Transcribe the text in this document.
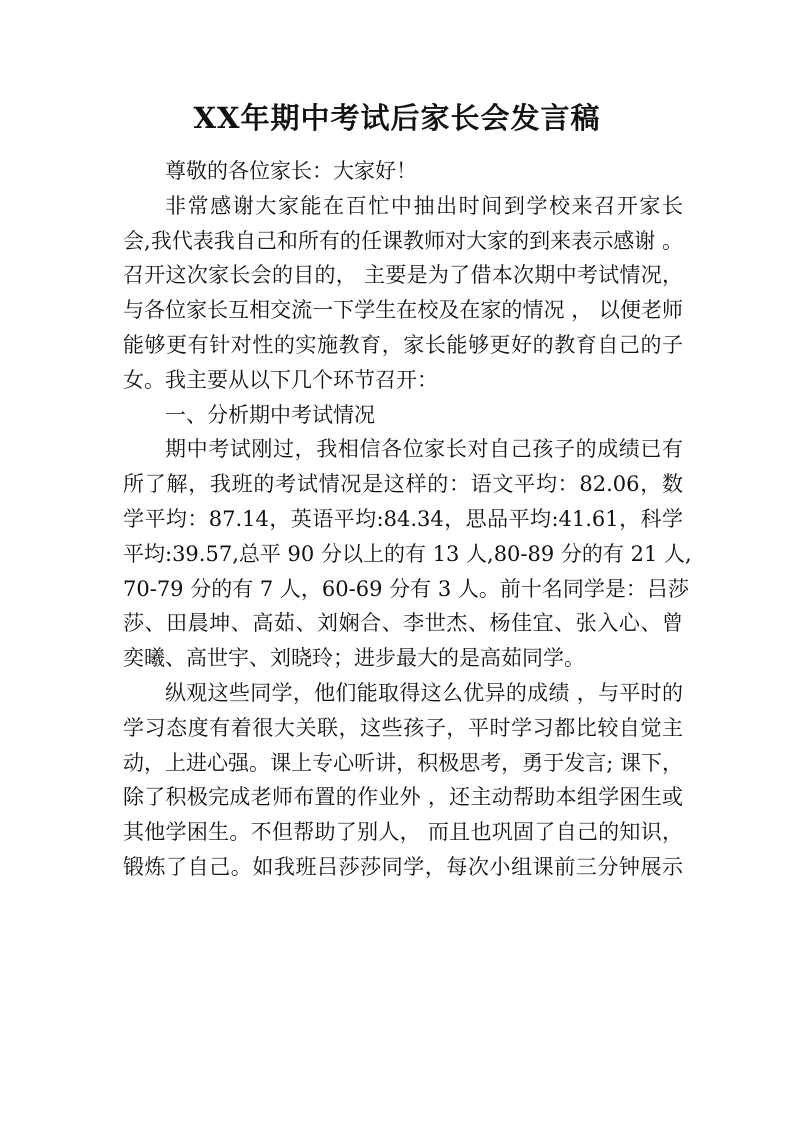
XX年期中考试后家长会发言稿
尊敬的各位家长：大家好！
非常感谢大家能在百忙中抽出时间到学校来召开家长
会,我代表我自己和所有的任课教师对大家的到来表示感谢 。
召开这次家长会的目的， 主要是为了借本次期中考试情况，
与各位家长互相交流一下学生在校及在家的情况 ， 以便老师
能够更有针对性的实施教育，家长能够更好的教育自己的子
女。我主要从以下几个环节召开：
一、分析期中考试情况
期中考试刚过，我相信各位家长对自己孩子的成绩已有
所了解，我班的考试情况是这样的：语文平均：82.06，数
学平均：87.14，英语平均:84.34，思品平均:41.61，科学
平均:39.57,总平 90 分以上的有 13 人,80-89 分的有 21 人,
70-79 分的有 7 人，60-69 分有 3 人。前十名同学是：吕莎
莎、田晨坤、高茹、刘娴合、李世杰、杨佳宜、张入心、曾
奕曦、高世宇、刘晓玲；进步最大的是高茹同学。
纵观这些同学，他们能取得这么优异的成绩 ，与平时的
学习态度有着很大关联，这些孩子，平时学习都比较自觉主
动，上进心强。课上专心听讲，积极思考，勇于发言; 课下，
除了积极完成老师布置的作业外 ，还主动帮助本组学困生或
其他学困生。不但帮助了别人， 而且也巩固了自己的知识，
锻炼了自己。如我班吕莎莎同学，每次小组课前三分钟展示
